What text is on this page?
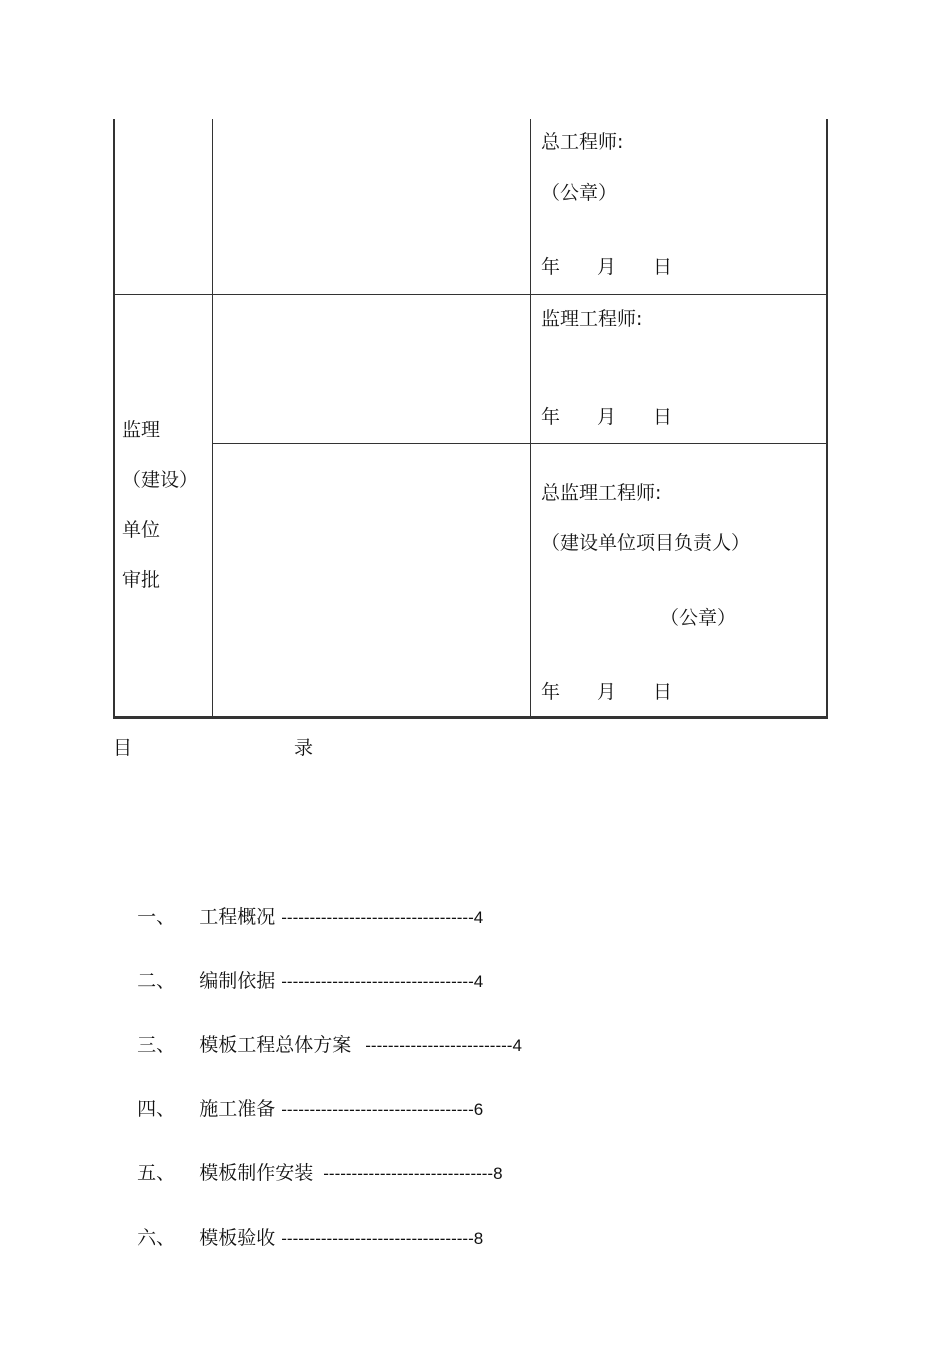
总工程师:
（公章）
年 月 日
监理
（建设）
单位
审批
监理工程师:
年 月 日
总监理工程师:
（建设单位项目负责人）
（公章）
年 月 日
目	录

一、 工程概况 ----------------------------------4

二、 编制依据 ----------------------------------4

三、 模板工程总体方案 --------------------------4

四、 施工准备 ----------------------------------6

五、 模板制作安装 ------------------------------8

六、 模板验收 ----------------------------------8
